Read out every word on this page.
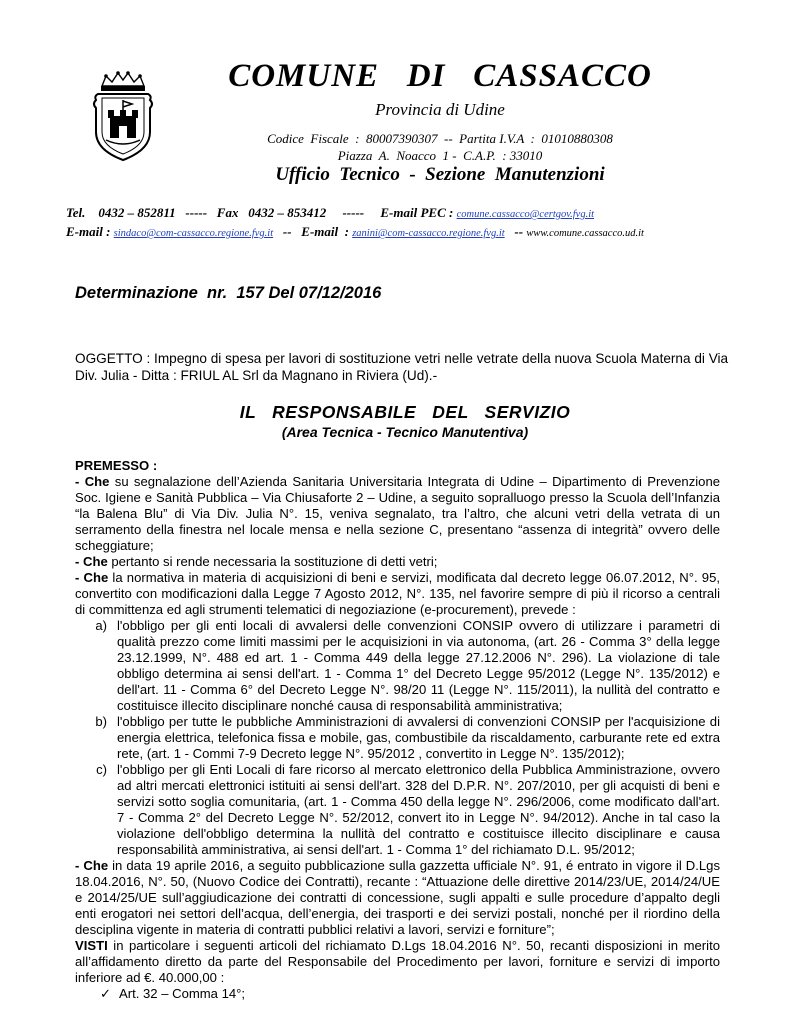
COMUNE   DI   CASSACCO
Provincia di Udine
Codice  Fiscale  :  80007390307  --  Partita I.V.A  :  01010880308
Piazza  A.  Noacco  1 -  C.A.P.  : 33010
Ufficio  Tecnico  -  Sezione  Manutenzioni
Tel.    0432 – 852811   -----   Fax   0432 – 853412     -----     E-mail PEC : comune.cassacco@certgov.fvg.it
E-mail : sindaco@com-cassacco.regione.fvg.it   --   E-mail  : zanini@com-cassacco.regione.fvg.it   -- www.comune.cassacco.ud.it
Determinazione  nr.  157 Del 07/12/2016
OGGETTO : Impegno di spesa per lavori di sostituzione vetri nelle vetrate della nuova Scuola Materna di Via Div. Julia - Ditta : FRIUL AL Srl da Magnano in Riviera (Ud).-
IL   RESPONSABILE   DEL   SERVIZIO
(Area Tecnica - Tecnico Manutentiva)

PREMESSO :

- Che su segnalazione dell’Azienda Sanitaria Universitaria Integrata di Udine – Dipartimento di Prevenzione Soc. Igiene e Sanità Pubblica – Via Chiusaforte 2 – Udine, a seguito sopralluogo presso la Scuola dell’Infanzia “la Balena Blu” di Via Div. Julia N°. 15, veniva segnalato, tra l’altro, che alcuni vetri della vetrata di un serramento della finestra nel locale mensa e nella sezione C, presentano “assenza di integrità” ovvero delle scheggiature;

- Che pertanto si rende necessaria la sostituzione di detti vetri;

- Che la normativa in materia di acquisizioni di beni e servizi, modificata dal decreto legge 06.07.2012, N°. 95, convertito con modificazioni dalla Legge 7 Agosto 2012, N°. 135, nel favorire sempre di più il ricorso a centrali di committenza ed agli strumenti telematici di negoziazione (e-procurement), prevede :

a) l'obbligo per gli enti locali di avvalersi delle convenzioni CONSIP ovvero di utilizzare i parametri di qualità prezzo come limiti massimi per le acquisizioni in via autonoma, (art. 26 - Comma 3° della legge 23.12.1999, N°. 488 ed art. 1 - Comma 449 della legge 27.12.2006 N°. 296). La violazione di tale obbligo determina ai sensi dell'art. 1 - Comma 1° del Decreto Legge 95/2012 (Legge N°. 135/2012) e dell'art. 11 - Comma 6° del Decreto Legge N°. 98/20 11 (Legge N°. 115/2011), la nullità del contratto e costituisce illecito disciplinare nonché causa di responsabilità amministrativa;
b) l'obbligo per tutte le pubbliche Amministrazioni di avvalersi di convenzioni CONSIP per l'acquisizione di energia elettrica, telefonica fissa e mobile, gas, combustibile da riscaldamento, carburante rete ed extra rete, (art. 1 - Commi 7-9 Decreto legge N°. 95/2012 , convertito in Legge N°. 135/2012);
c) l'obbligo per gli Enti Locali di fare ricorso al mercato elettronico della Pubblica Amministrazione, ovvero ad altri mercati elettronici istituiti ai sensi dell'art. 328 del D.P.R. N°. 207/2010, per gli acquisti di beni e servizi sotto soglia comunitaria, (art. 1 - Comma 450 della legge N°. 296/2006, come modificato dall'art. 7 - Comma 2° del Decreto Legge N°. 52/2012, convert ito in Legge N°. 94/2012). Anche in tal caso la violazione dell'obbligo determina la nullità del contratto e costituisce illecito disciplinare e causa responsabilità amministrativa, ai sensi dell'art. 1 - Comma 1° del richiamato D.L. 95/2012;

- Che in data 19 aprile 2016, a seguito pubblicazione sulla gazzetta ufficiale N°. 91, é entrato in vigore il D.Lgs 18.04.2016, N°. 50, (Nuovo Codice dei Contratti), recante : “Attuazione delle direttive 2014/23/UE, 2014/24/UE e 2014/25/UE sull’aggiudicazione dei contratti di concessione, sugli appalti e sulle procedure d’appalto degli enti erogatori nei settori dell’acqua, dell’energia, dei trasporti e dei servizi postali, nonché per il riordino della desciplina vigente in materia di contratti pubblici relativi a lavori, servizi e forniture”;

VISTI in particolare i seguenti articoli del richiamato D.Lgs 18.04.2016 N°. 50, recanti disposizioni in merito all’affidamento diretto da parte del Responsabile del Procedimento per lavori, forniture e servizi di importo inferiore ad €. 40.000,00 :

✓ Art. 32 – Comma 14°;
